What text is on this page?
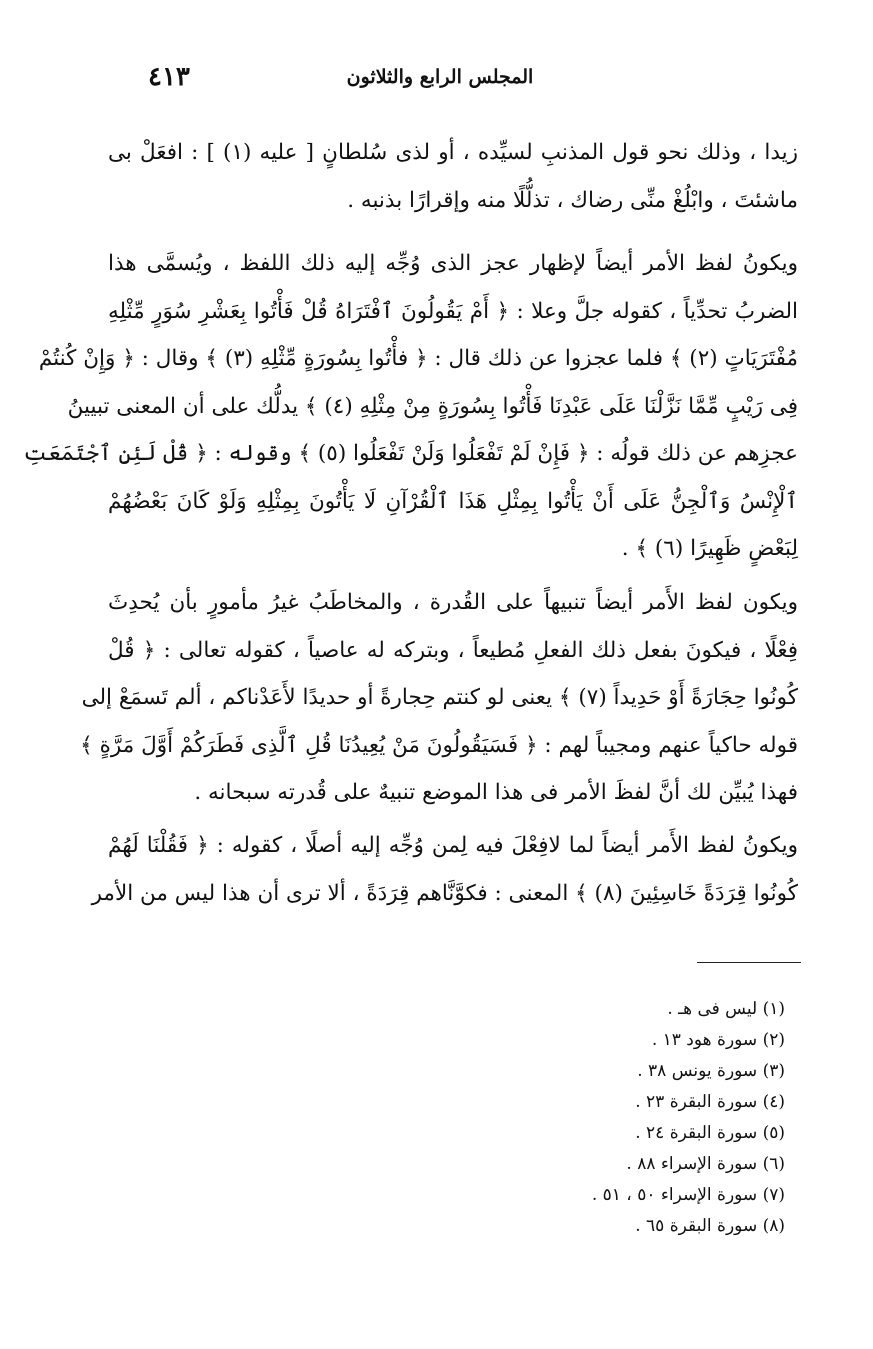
٤١٣	المجلس الرابع والثلاثون
زيدا ، وذلك نحو قول المذنبِ لسيِّده ، أو لذى سُلطانٍ [ عليه (١) ] : افعَلْ بى
ماشئتَ ، وابْلُغْ منِّى رضاك ، تذلُّلًا منه وإقرارًا بذنبه .
ويكونُ لفظ الأمر أيضاً لإظهار عجز الذى وُجِّه إليه ذلك اللفظ ، ويُسمَّى هذا
الضربُ تحدِّياً ، كقوله جلَّ وعلا : ﴿ أَمْ يَقُولُونَ ٱفْتَرَاهُ قُلْ فَأْتُوا بِعَشْرِ سُوَرٍ مِّثْلِهِ
مُفْتَرَيَاتٍ (٢) ﴾ فلما عجزوا عن ذلك قال : ﴿ فأْتُوا بِسُورَةٍ مِّثْلِهِ (٣) ﴾ وقال : ﴿ وَإِنْ كُنتُمْ
فِى رَيْبٍ مِّمَّا نَزَّلْنَا عَلَى عَبْدِنَا فَأْتُوا بِسُورَةٍ مِنْ مِثْلِهِ (٤) ﴾ يدلُّك على أن المعنى تبيينُ
عجزِهم عن ذلك قولُه : ﴿ فَإِنْ لَمْ تَفْعَلُوا وَلَنْ تَفْعَلُوا (٥) ﴾ وقوله : ﴿ قُلْ لَئِنِ ٱجْتَمَعَتِ
ٱلْإِنْسُ وَٱلْجِنُّ عَلَى أَنْ يَأْتُوا بِمِثْلِ هَذَا ٱلْقُرْآنِ لَا يَأْتُونَ بِمِثْلِهِ وَلَوْ كَانَ بَعْضُهُمْ
لِبَعْضٍ ظَهِيرًا (٦) ﴾ .
ويكون لفظ الأَمر أيضاً تنبيهاً على القُدرة ، والمخاطَبُ غيرُ مأمورٍ بأن يُحدِثَ
فِعْلًا ، فيكونَ بفعل ذلك الفعلِ مُطيعاً ، وبتركه له عاصياً ، كقوله تعالى : ﴿ قُلْ
كُونُوا حِجَارَةً أَوْ حَدِيداً (٧) ﴾ يعنى لو كنتم حِجارةً أو حديدًا لأَعَدْناكم ، ألم تَسمَعْ إلى
قوله حاكياً عنهم ومجيباً لهم : ﴿ فَسَيَقُولُونَ مَنْ يُعِيدُنَا قُلِ ٱلَّذِى فَطَرَكُمْ أَوَّلَ مَرَّةٍ ﴾
فهذا يُبيِّن لك أنَّ لفظَ الأمر فى هذا الموضع تنبيهٌ على قُدرته سبحانه .
ويكونُ لفظ الأَمر أيضاً لما لافِعْلَ فيه لِمن وُجِّه إليه أصلًا ، كقوله : ﴿ فَقُلْنَا لَهُمْ
كُونُوا قِرَدَةً خَاسِئِينَ (٨) ﴾ المعنى : فكوَّنَّاهم قِرَدَةً ، ألا ترى أن هذا ليس من الأمر
(١) ليس فى هـ .
(٢) سورة هود ١٣ .
(٣) سورة يونس ٣٨ .
(٤) سورة البقرة ٢٣ .
(٥) سورة البقرة ٢٤ .
(٦) سورة الإسراء ٨٨ .
(٧) سورة الإسراء ٥٠ ، ٥١ .
(٨) سورة البقرة ٦٥ .
